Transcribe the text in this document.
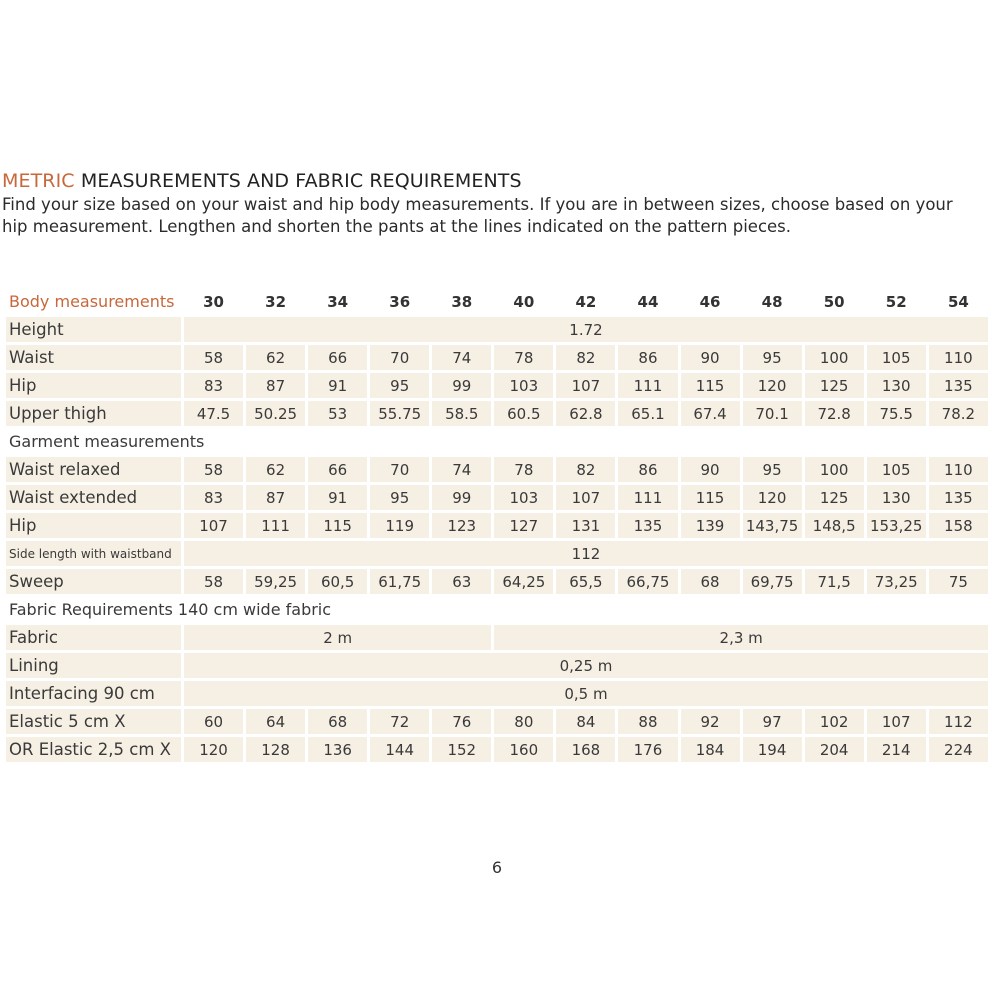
METRIC MEASUREMENTS AND FABRIC REQUIREMENTS
Find your size based on your waist and hip body measurements. If you are in between sizes, choose based on your hip measurement. Lengthen and shorten the pants at the lines indicated on the pattern pieces.
Body measurements	30	32	34	36	38	40	42	44	46	48	50	52	54
Height	1.72												
Waist	58	62	66	70	74	78	82	86	90	95	100	105	110
Hip	83	87	91	95	99	103	107	111	115	120	125	130	135
Upper thigh	47.5	50.25	53	55.75	58.5	60.5	62.8	65.1	67.4	70.1	72.8	75.5	78.2
Garment measurements													
Waist relaxed	58	62	66	70	74	78	82	86	90	95	100	105	110
Waist extended	83	87	91	95	99	103	107	111	115	120	125	130	135
Hip	107	111	115	119	123	127	131	135	139	143,75	148,5	153,25	158
Side length with waistband	112												
Sweep	58	59,25	60,5	61,75	63	64,25	65,5	66,75	68	69,75	71,5	73,25	75
Fabric Requirements 140 cm wide fabric													
Fabric	2 m					2,3 m							
Lining	0,25 m												
Interfacing 90 cm	0,5 m												
Elastic 5 cm X	60	64	68	72	76	80	84	88	92	97	102	107	112
OR Elastic 2,5 cm X	120	128	136	144	152	160	168	176	184	194	204	214	224
6
